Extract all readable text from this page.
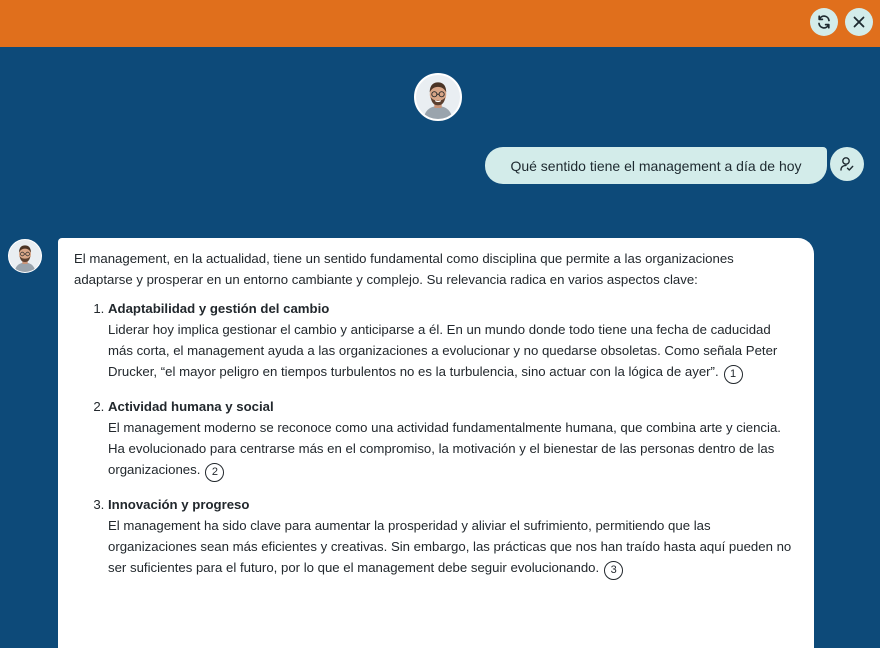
Qué sentido tiene el management a día de hoy

El management, en la actualidad, tiene un sentido fundamental como disciplina que permite a las organizaciones adaptarse y prosperar en un entorno cambiante y complejo. Su relevancia radica en varios aspectos clave:

1. Adaptabilidad y gestión del cambio
Liderar hoy implica gestionar el cambio y anticiparse a él. En un mundo donde todo tiene una fecha de caducidad más corta, el management ayuda a las organizaciones a evolucionar y no quedarse obsoletas. Como señala Peter Drucker, “el mayor peligro en tiempos turbulentos no es la turbulencia, sino actuar con la lógica de ayer”. 1
2. Actividad humana y social
El management moderno se reconoce como una actividad fundamentalmente humana, que combina arte y ciencia. Ha evolucionado para centrarse más en el compromiso, la motivación y el bienestar de las personas dentro de las organizaciones. 2
3. Innovación y progreso
El management ha sido clave para aumentar la prosperidad y aliviar el sufrimiento, permitiendo que las organizaciones sean más eficientes y creativas. Sin embargo, las prácticas que nos han traído hasta aquí pueden no ser suficientes para el futuro, por lo que el management debe seguir evolucionando. 3
